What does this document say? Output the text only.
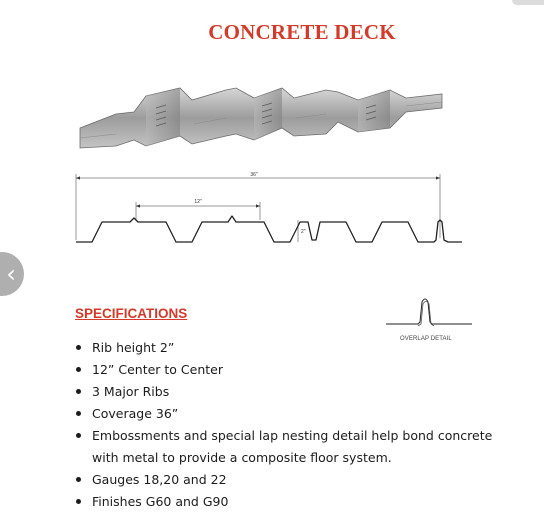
CONCRETE DECK
36"
12"
2"
‹
SPECIFICATIONS
OVERLAP DETAIL
Rib height 2”
12” Center to Center
3 Major Ribs
Coverage 36”
Embossments and special lap nesting detail help bond concrete with metal to provide a composite floor system.
Gauges 18,20 and 22
Finishes G60 and G90
